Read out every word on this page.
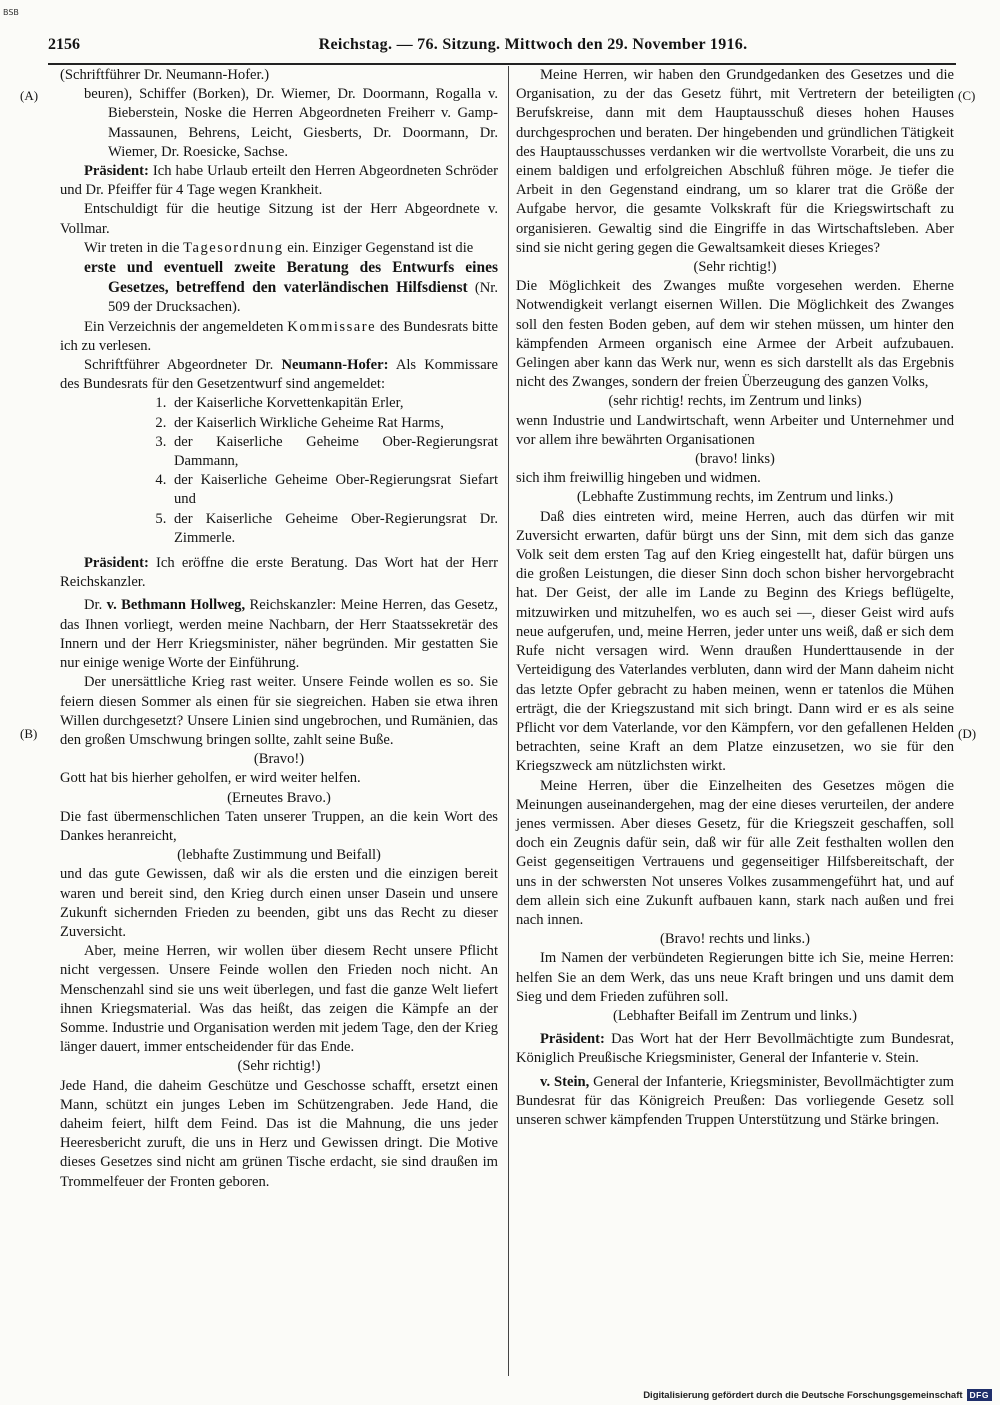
BSB
2156	Reichstag. — 76. Sitzung. Mittwoch den 29. November 1916.
(A)
(B)
(C)
(D)

(Schriftführer Dr. Neumann-Hofer.)

beuren), Schiffer (Borken), Dr. Wiemer, Dr. Doormann, Rogalla v. Bieberstein, Noske die Herren Abgeordneten Freiherr v. Gamp-Massaunen, Behrens, Leicht, Giesberts, Dr. Doormann, Dr. Wiemer, Dr. Roesicke, Sachse.

Präsident: Ich habe Urlaub erteilt den Herren Abgeordneten Schröder und Dr. Pfeiffer für 4 Tage wegen Krankheit.

Entschuldigt für die heutige Sitzung ist der Herr Abgeordnete v. Vollmar.

Wir treten in die Tagesordnung ein. Einziger Gegenstand ist die

erste und eventuell zweite Beratung des Entwurfs eines Gesetzes, betreffend den vaterländischen Hilfsdienst (Nr. 509 der Drucksachen).

Ein Verzeichnis der angemeldeten Kommissare des Bundesrats bitte ich zu verlesen.

Schriftführer Abgeordneter Dr. Neumann-Hofer: Als Kommissare des Bundesrats für den Gesetzentwurf sind angemeldet:

1. der Kaiserliche Korvettenkapitän Erler,
2. der Kaiserlich Wirkliche Geheime Rat Harms,
3. der Kaiserliche Geheime Ober-Regierungsrat Dammann,
4. der Kaiserliche Geheime Ober-Regierungsrat Siefart und
5. der Kaiserliche Geheime Ober-Regierungsrat Dr. Zimmerle.

Präsident: Ich eröffne die erste Beratung. Das Wort hat der Herr Reichskanzler.

Dr. v. Bethmann Hollweg, Reichskanzler: Meine Herren, das Gesetz, das Ihnen vorliegt, werden meine Nachbarn, der Herr Staatssekretär des Innern und der Herr Kriegsminister, näher begründen. Mir gestatten Sie nur einige wenige Worte der Einführung.

Der unersättliche Krieg rast weiter. Unsere Feinde wollen es so. Sie feiern diesen Sommer als einen für sie siegreichen. Haben sie etwa ihren Willen durchgesetzt? Unsere Linien sind ungebrochen, und Rumänien, das den großen Umschwung bringen sollte, zahlt seine Buße.

(Bravo!)

Gott hat bis hierher geholfen, er wird weiter helfen.

(Erneutes Bravo.)

Die fast übermenschlichen Taten unserer Truppen, an die kein Wort des Dankes heranreicht,

(lebhafte Zustimmung und Beifall)

und das gute Gewissen, daß wir als die ersten und die einzigen bereit waren und bereit sind, den Krieg durch einen unser Dasein und unsere Zukunft sichernden Frieden zu beenden, gibt uns das Recht zu dieser Zuversicht.

Aber, meine Herren, wir wollen über diesem Recht unsere Pflicht nicht vergessen. Unsere Feinde wollen den Frieden noch nicht. An Menschenzahl sind sie uns weit überlegen, und fast die ganze Welt liefert ihnen Kriegsmaterial. Was das heißt, das zeigen die Kämpfe an der Somme. Industrie und Organisation werden mit jedem Tage, den der Krieg länger dauert, immer entscheidender für das Ende.

(Sehr richtig!)

Jede Hand, die daheim Geschütze und Geschosse schafft, ersetzt einen Mann, schützt ein junges Leben im Schützengraben. Jede Hand, die daheim feiert, hilft dem Feind. Das ist die Mahnung, die uns jeder Heeresbericht zuruft, die uns in Herz und Gewissen dringt. Die Motive dieses Gesetzes sind nicht am grünen Tische erdacht, sie sind draußen im Trommelfeuer der Fronten geboren.

Meine Herren, wir haben den Grundgedanken des Gesetzes und die Organisation, zu der das Gesetz führt, mit Vertretern der beteiligten Berufskreise, dann mit dem Hauptausschuß dieses hohen Hauses durchgesprochen und beraten. Der hingebenden und gründlichen Tätigkeit des Hauptausschusses verdanken wir die wertvollste Vorarbeit, die uns zu einem baldigen und erfolgreichen Abschluß führen möge. Je tiefer die Arbeit in den Gegenstand eindrang, um so klarer trat die Größe der Aufgabe hervor, die gesamte Volkskraft für die Kriegswirtschaft zu organisieren. Gewaltig sind die Eingriffe in das Wirtschaftsleben. Aber sind sie nicht gering gegen die Gewaltsamkeit dieses Krieges?

(Sehr richtig!)

Die Möglichkeit des Zwanges mußte vorgesehen werden. Eherne Notwendigkeit verlangt eisernen Willen. Die Möglichkeit des Zwanges soll den festen Boden geben, auf dem wir stehen müssen, um hinter den kämpfenden Armeen organisch eine Armee der Arbeit aufzubauen. Gelingen aber kann das Werk nur, wenn es sich darstellt als das Ergebnis nicht des Zwanges, sondern der freien Überzeugung des ganzen Volks,

(sehr richtig! rechts, im Zentrum und links)

wenn Industrie und Landwirtschaft, wenn Arbeiter und Unternehmer und vor allem ihre bewährten Organisationen

(bravo! links)

sich ihm freiwillig hingeben und widmen.

(Lebhafte Zustimmung rechts, im Zentrum und links.)

Daß dies eintreten wird, meine Herren, auch das dürfen wir mit Zuversicht erwarten, dafür bürgt uns der Sinn, mit dem sich das ganze Volk seit dem ersten Tag auf den Krieg eingestellt hat, dafür bürgen uns die großen Leistungen, die dieser Sinn doch schon bisher hervorgebracht hat. Der Geist, der alle im Lande zu Beginn des Kriegs beflügelte, mitzuwirken und mitzuhelfen, wo es auch sei —, dieser Geist wird aufs neue aufgerufen, und, meine Herren, jeder unter uns weiß, daß er sich dem Rufe nicht versagen wird. Wenn draußen Hunderttausende in der Verteidigung des Vaterlandes verbluten, dann wird der Mann daheim nicht das letzte Opfer gebracht zu haben meinen, wenn er tatenlos die Mühen erträgt, die der Kriegszustand mit sich bringt. Dann wird er es als seine Pflicht vor dem Vaterlande, vor den Kämpfern, vor den gefallenen Helden betrachten, seine Kraft an dem Platze einzusetzen, wo sie für den Kriegszweck am nützlichsten wirkt.

Meine Herren, über die Einzelheiten des Gesetzes mögen die Meinungen auseinandergehen, mag der eine dieses verurteilen, der andere jenes vermissen. Aber dieses Gesetz, für die Kriegszeit geschaffen, soll doch ein Zeugnis dafür sein, daß wir für alle Zeit festhalten wollen den Geist gegenseitigen Vertrauens und gegenseitiger Hilfsbereitschaft, der uns in der schwersten Not unseres Volkes zusammengeführt hat, und auf dem allein sich eine Zukunft aufbauen kann, stark nach außen und frei nach innen.

(Bravo! rechts und links.)

Im Namen der verbündeten Regierungen bitte ich Sie, meine Herren: helfen Sie an dem Werk, das uns neue Kraft bringen und uns damit dem Sieg und dem Frieden zuführen soll.

(Lebhafter Beifall im Zentrum und links.)

Präsident: Das Wort hat der Herr Bevollmächtigte zum Bundesrat, Königlich Preußische Kriegsminister, General der Infanterie v. Stein.

v. Stein, General der Infanterie, Kriegsminister, Bevollmächtigter zum Bundesrat für das Königreich Preußen: Das vorliegende Gesetz soll unseren schwer kämpfenden Truppen Unterstützung und Stärke bringen.

Digitalisierung gefördert durch die Deutsche Forschungsgemeinschaft DFG
